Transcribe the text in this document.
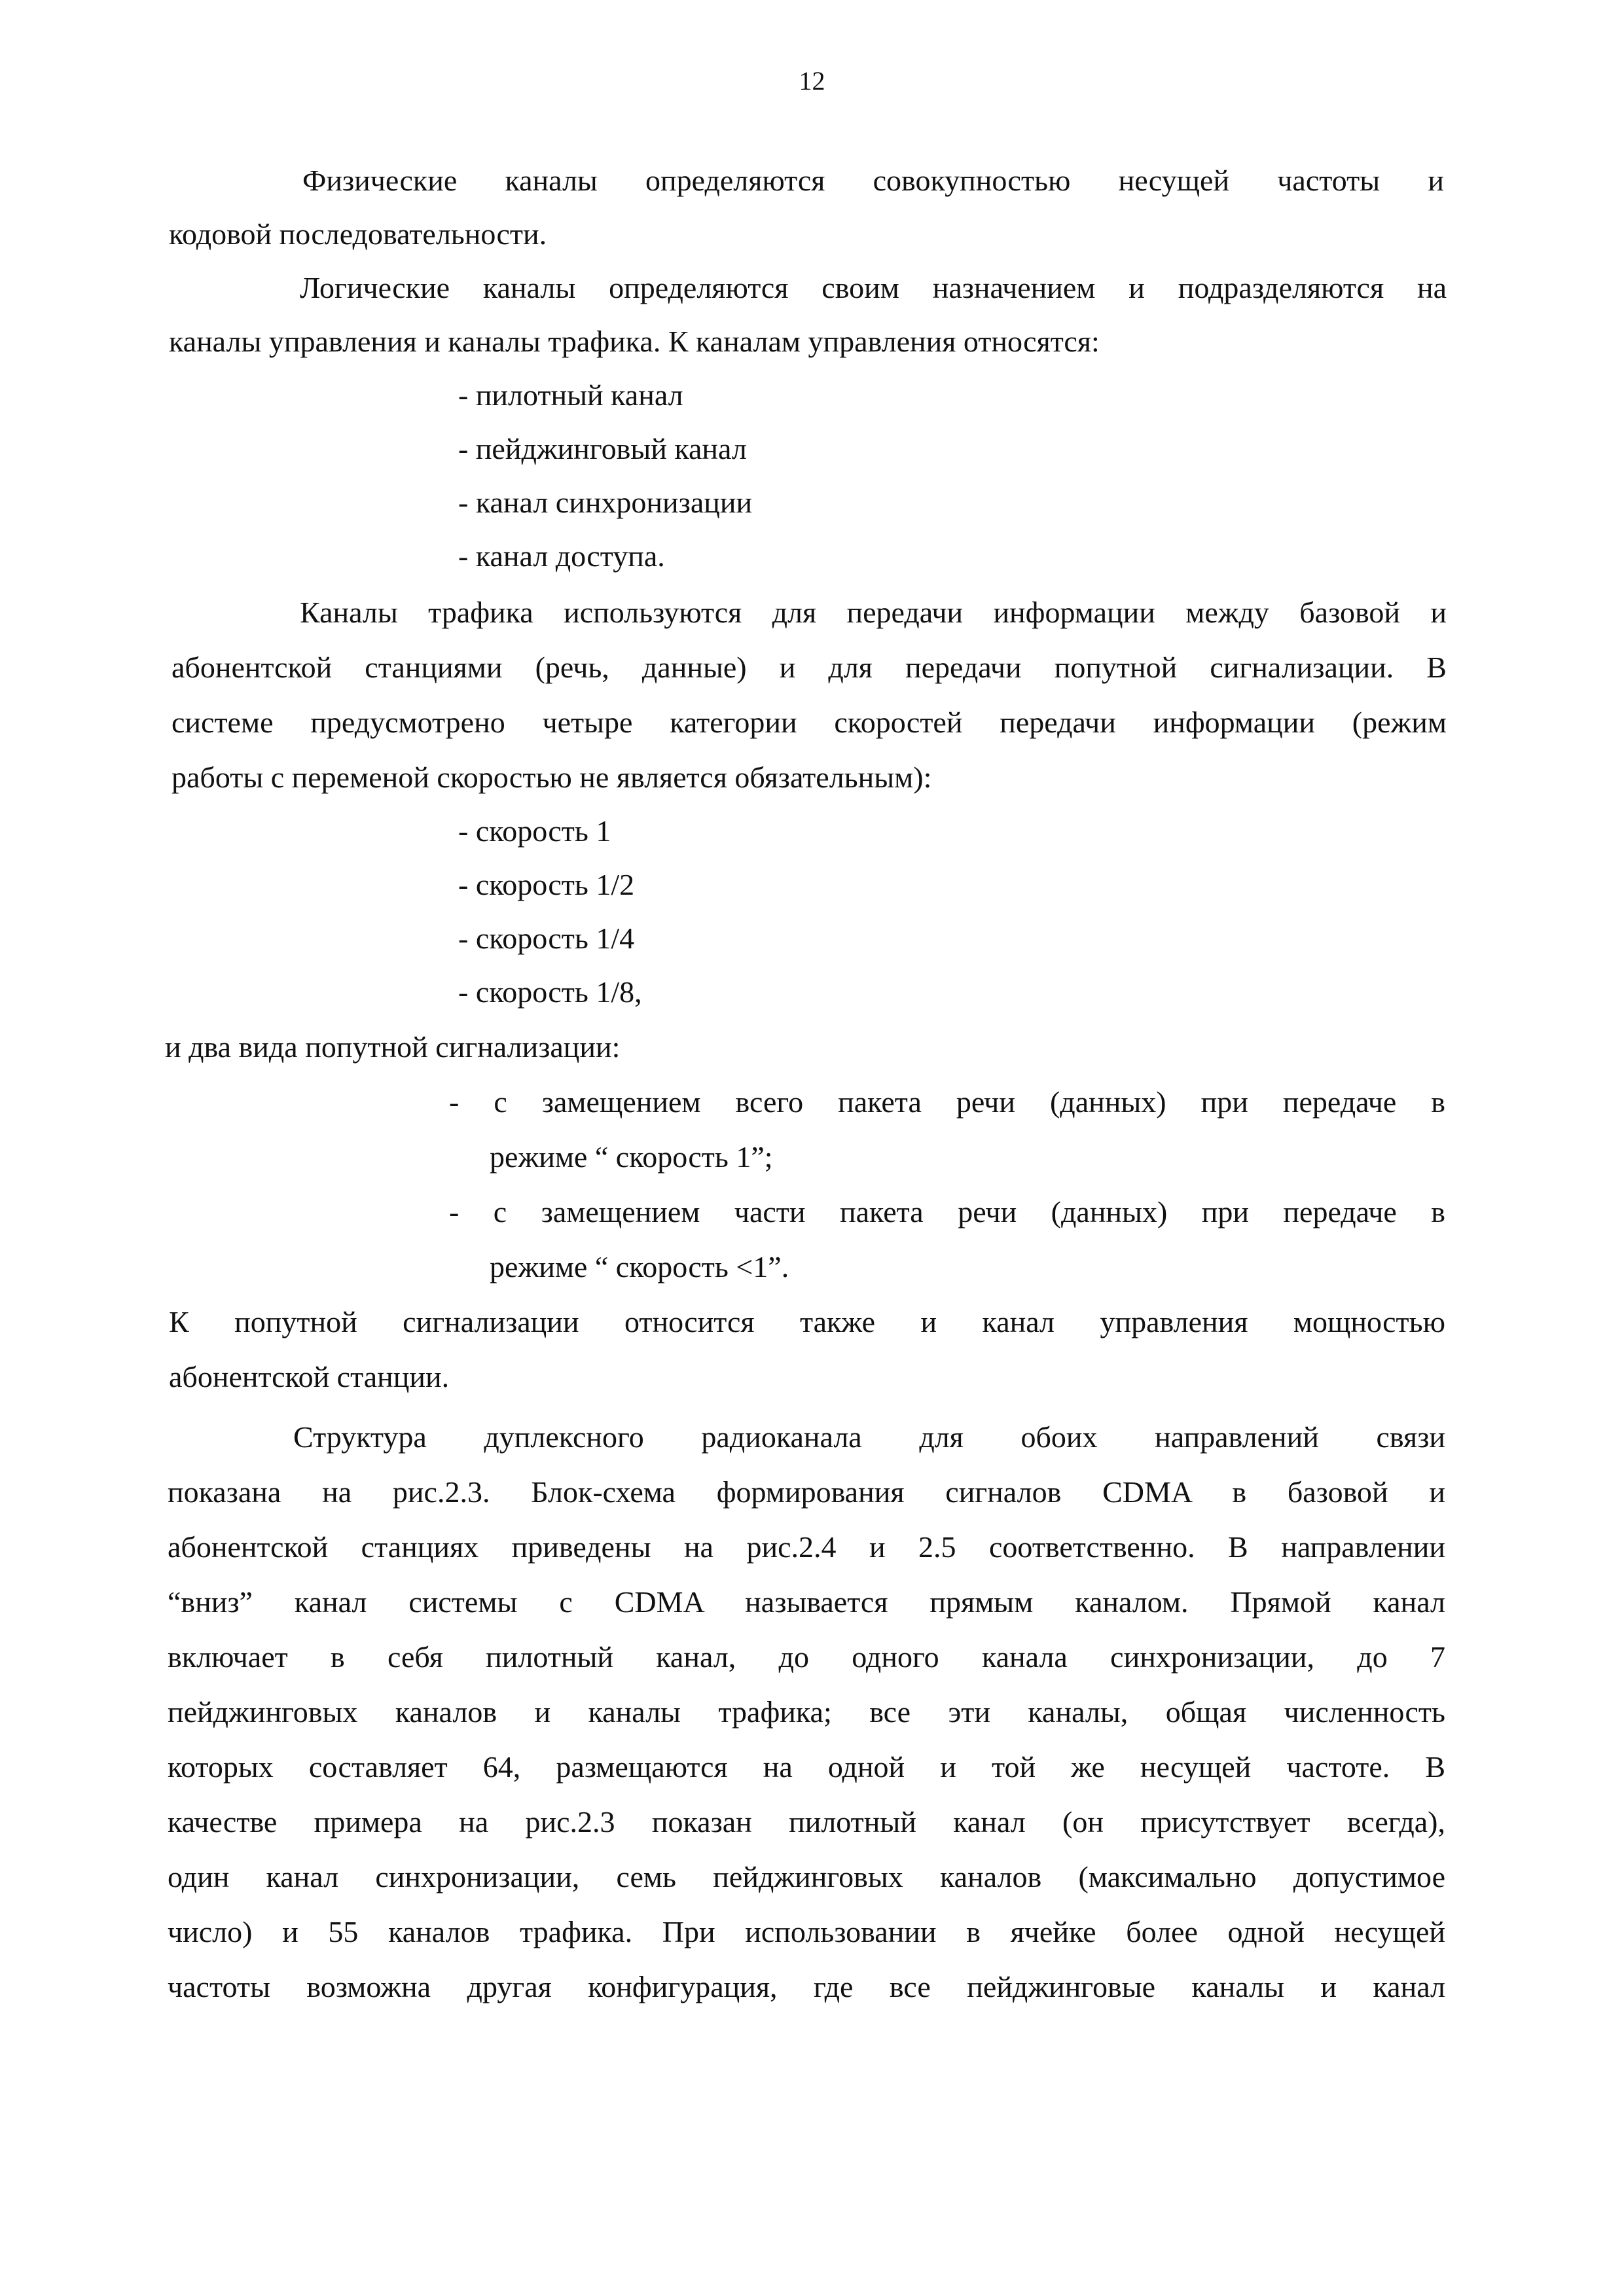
12
Физические каналы определяются совокупностью несущей частоты и
кодовой последовательности.
Логические каналы определяются своим назначением и подразделяются на
каналы управления и каналы трафика. К каналам управления относятся:
- пилотный канал
- пейджинговый канал
- канал синхронизации
- канал доступа.
Каналы трафика используются для передачи информации между базовой и
абонентской станциями (речь, данные) и для передачи попутной сигнализации. В
системе предусмотрено четыре категории скоростей передачи информации (режим
работы с переменой скоростью не является обязательным):
- скорость 1
- скорость 1/2
- скорость 1/4
- скорость 1/8,
и два вида попутной сигнализации:
- с замещением всего пакета речи (данных) при передаче в
режиме “ скорость 1”;
- с замещением части пакета речи (данных) при передаче в
режиме “ скорость <1”.
К попутной сигнализации относится также и канал управления мощностью
абонентской станции.
Структура дуплексного радиоканала для обоих направлений связи
показана на рис.2.3. Блок-схема формирования сигналов CDMA в базовой и
абонентской станциях приведены на рис.2.4 и 2.5 соответственно. В направлении
“вниз” канал системы с CDMA называется прямым каналом. Прямой канал
включает в себя пилотный канал, до одного канала синхронизации, до 7
пейджинговых каналов и каналы трафика; все эти каналы, общая численность
которых составляет 64, размещаются на одной и той же несущей частоте. В
качестве примера на рис.2.3 показан пилотный канал (он присутствует всегда),
один канал синхронизации, семь пейджинговых каналов (максимально допустимое
число) и 55 каналов трафика. При использовании в ячейке более одной несущей
частоты возможна другая конфигурация, где все пейджинговые каналы и канал
